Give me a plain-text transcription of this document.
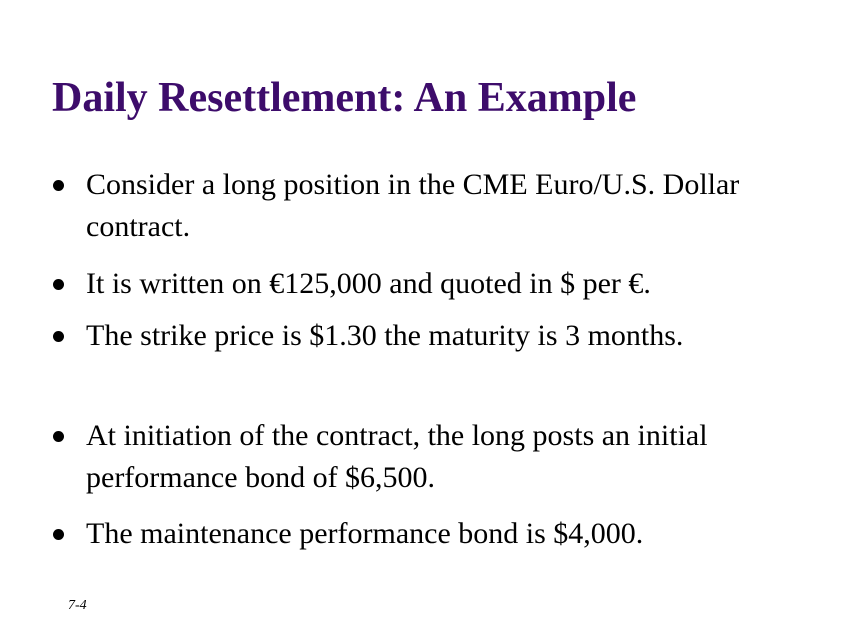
Daily Resettlement: An Example
Consider a long position in the CME Euro/U.S. Dollar contract.
It is written on €125,000 and quoted in $ per €.
The strike price is $1.30 the maturity is 3 months.
At initiation of the contract, the long posts an initial performance bond of $6,500.
The maintenance performance bond is $4,000.
7-4
